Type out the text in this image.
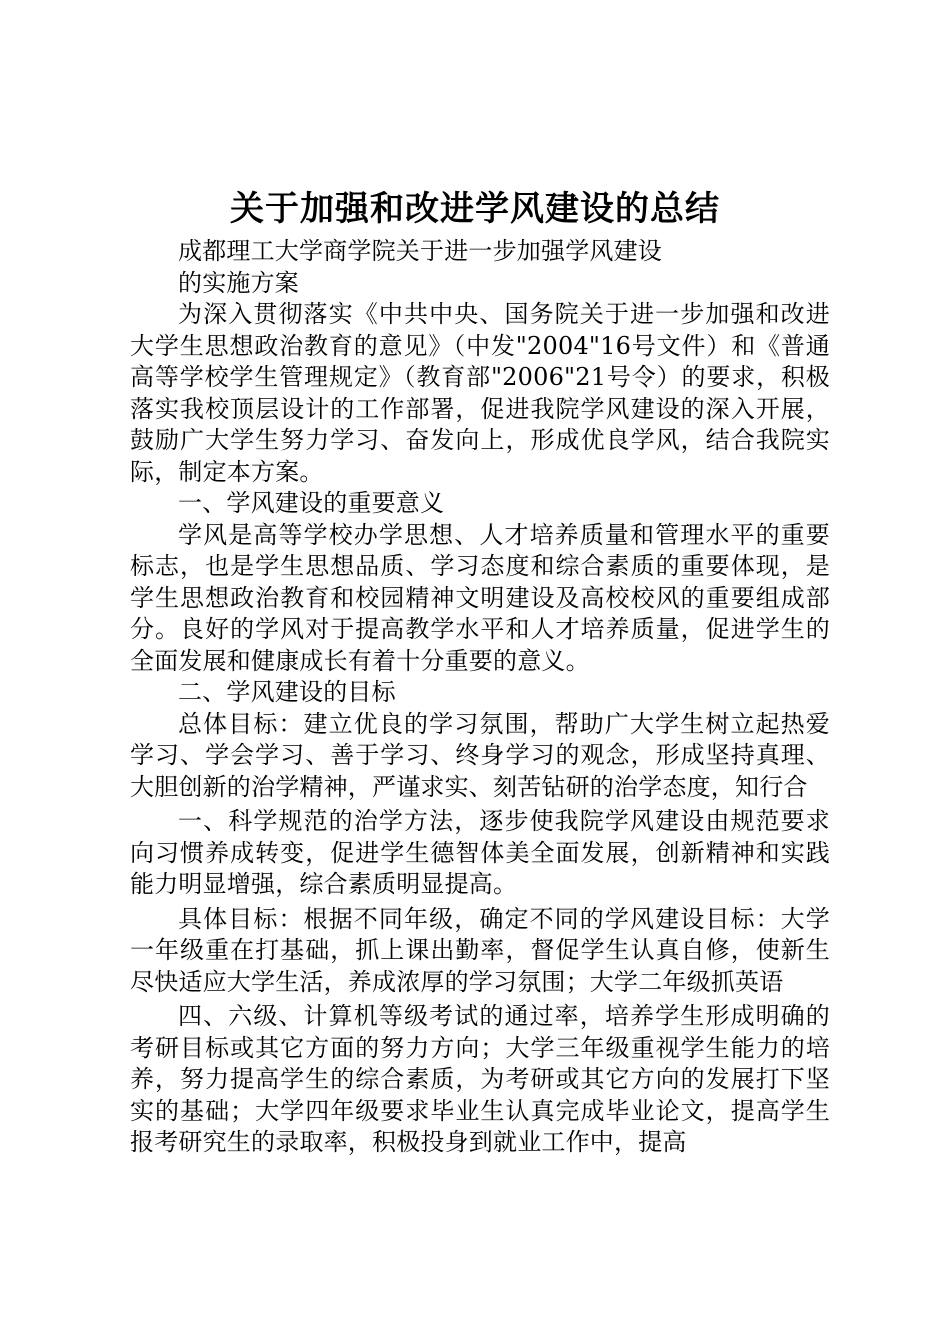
关于加强和改进学风建设的总结

成都理工大学商学院关于进一步加强学风建设

的实施方案

为深入贯彻落实《中共中央、国务院关于进一步加强和改进大学生思想政治教育的意见》（中发"2004"16号文件）和《普通高等学校学生管理规定》（教育部"2006"21号令）的要求，积极落实我校顶层设计的工作部署，促进我院学风建设的深入开展，鼓励广大学生努力学习、奋发向上，形成优良学风，结合我院实际，制定本方案。

一、学风建设的重要意义

学风是高等学校办学思想、人才培养质量和管理水平的重要标志，也是学生思想品质、学习态度和综合素质的重要体现，是学生思想政治教育和校园精神文明建设及高校校风的重要组成部分。良好的学风对于提高教学水平和人才培养质量，促进学生的全面发展和健康成长有着十分重要的意义。

二、学风建设的目标

总体目标：建立优良的学习氛围，帮助广大学生树立起热爱学习、学会学习、善于学习、终身学习的观念，形成坚持真理、大胆创新的治学精神，严谨求实、刻苦钻研的治学态度，知行合

一、科学规范的治学方法，逐步使我院学风建设由规范要求向习惯养成转变，促进学生德智体美全面发展，创新精神和实践能力明显增强，综合素质明显提高。

具体目标：根据不同年级，确定不同的学风建设目标：大学一年级重在打基础，抓上课出勤率，督促学生认真自修，使新生尽快适应大学生活，养成浓厚的学习氛围；大学二年级抓英语

四、六级、计算机等级考试的通过率，培养学生形成明确的考研目标或其它方面的努力方向；大学三年级重视学生能力的培养，努力提高学生的综合素质，为考研或其它方向的发展打下坚实的基础；大学四年级要求毕业生认真完成毕业论文，提高学生报考研究生的录取率，积极投身到就业工作中，提高
